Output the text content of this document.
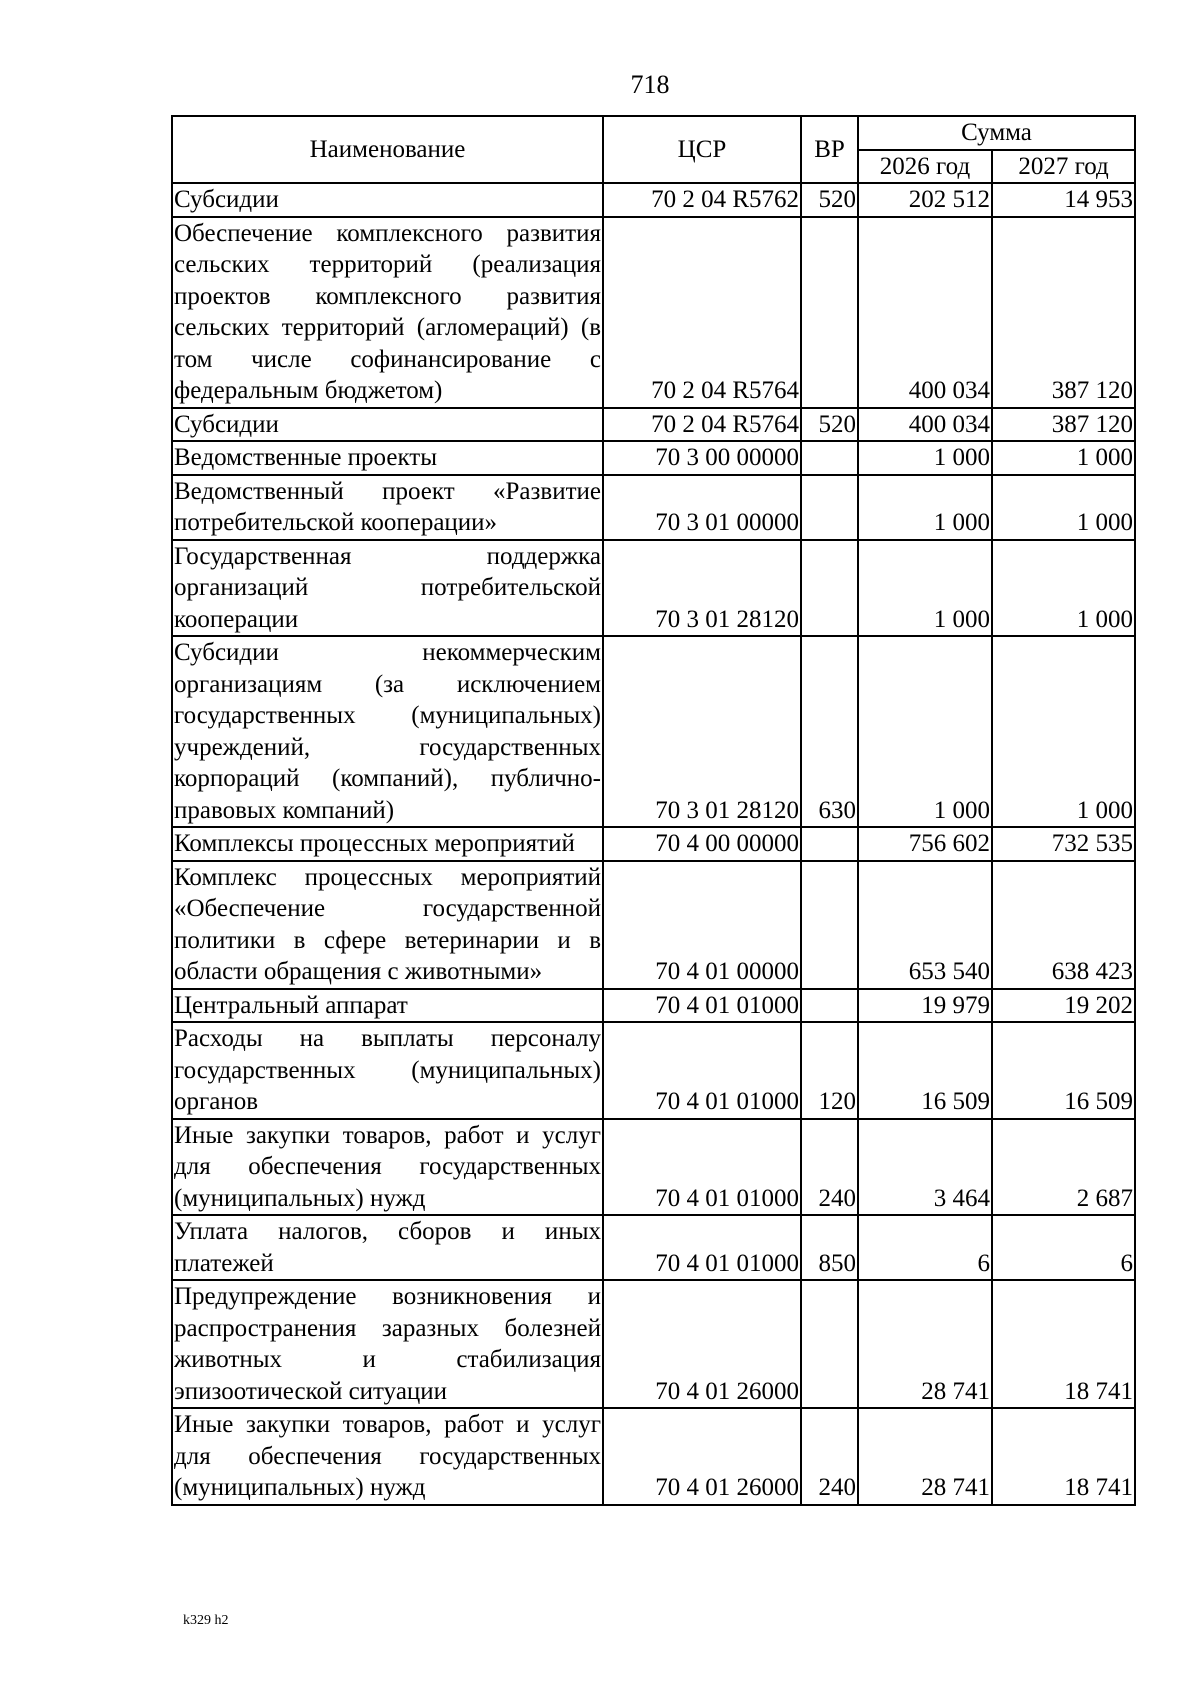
718
Наименование	ЦСР	ВР	Сумма	
			2026 год	2027 год
Субсидии	70 2 04 R5762	520	202 512	14 953
Обеспечение комплексного развития сельских территорий (реализация проектов комплексного развития сельских территорий (агломераций) (в том числе софинансирование с федеральным бюджетом)	70 2 04 R5764		400 034	387 120
Субсидии	70 2 04 R5764	520	400 034	387 120
Ведомственные проекты	70 3 00 00000		1 000	1 000
Ведомственный проект «Развитие потребительской кооперации»	70 3 01 00000		1 000	1 000
Государственная поддержка организаций потребительской кооперации	70 3 01 28120		1 000	1 000
Субсидии некоммерческим организациям (за исключением государственных (муниципальных) учреждений, государственных корпораций (компаний), публично-правовых компаний)	70 3 01 28120	630	1 000	1 000
Комплексы процессных мероприятий	70 4 00 00000		756 602	732 535
Комплекс процессных мероприятий «Обеспечение государственной политики в сфере ветеринарии и в области обращения с животными»	70 4 01 00000		653 540	638 423
Центральный аппарат	70 4 01 01000		19 979	19 202
Расходы на выплаты персоналу государственных (муниципальных) органов	70 4 01 01000	120	16 509	16 509
Иные закупки товаров, работ и услуг для обеспечения государственных (муниципальных) нужд	70 4 01 01000	240	3 464	2 687
Уплата налогов, сборов и иных платежей	70 4 01 01000	850	6	6
Предупреждение возникновения и распространения заразных болезней животных и стабилизация эпизоотической ситуации	70 4 01 26000		28 741	18 741
Иные закупки товаров, работ и услуг для обеспечения государственных (муниципальных) нужд	70 4 01 26000	240	28 741	18 741
k329 h2
